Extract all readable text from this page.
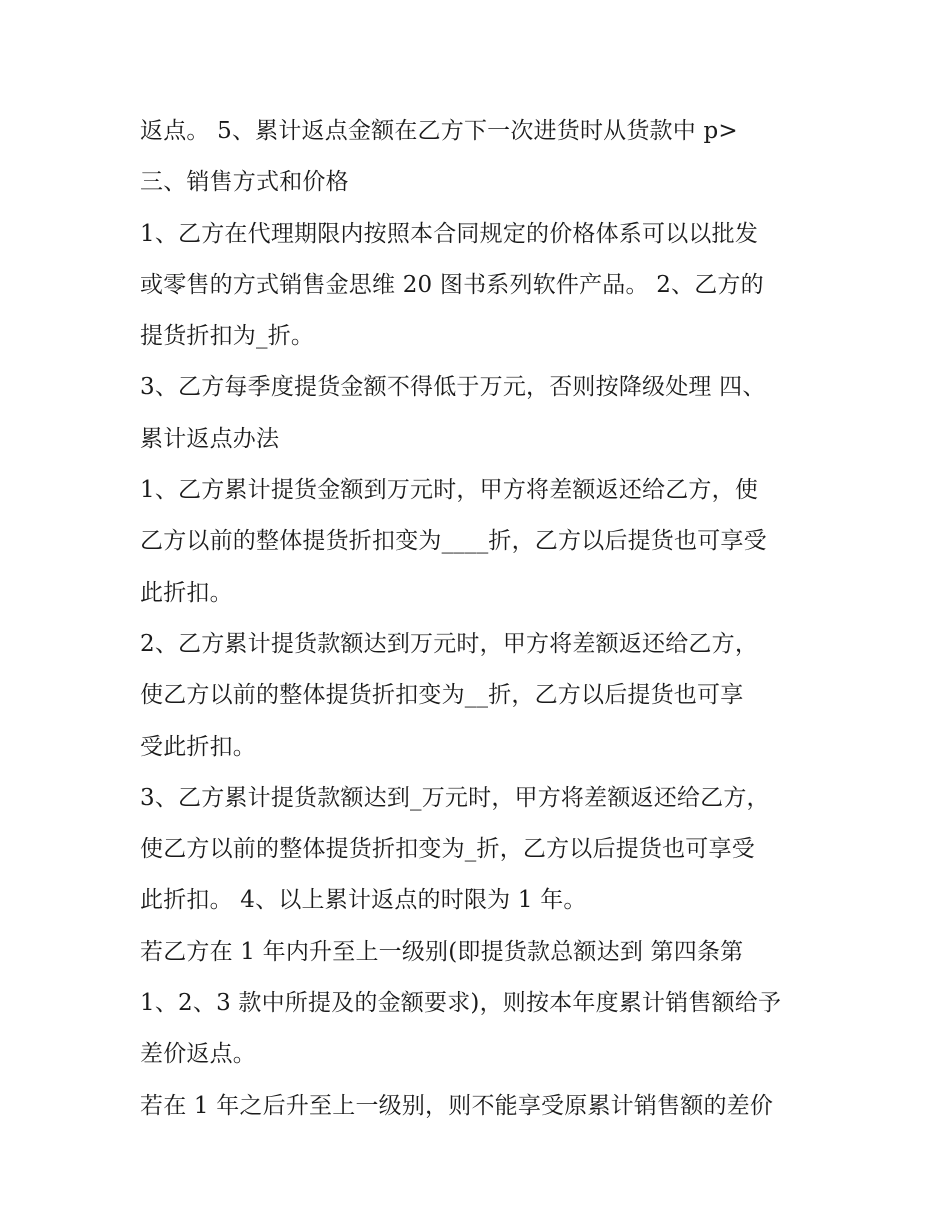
返点。 5、累计返点金额在乙方下一次进货时从货款中 p>
三、销售方式和价格
1、乙方在代理期限内按照本合同规定的价格体系可以以批发
或零售的方式销售金思维 20 图书系列软件产品。 2、乙方的
提货折扣为_折。
3、乙方每季度提货金额不得低于万元，否则按降级处理 四、
累计返点办法
1、乙方累计提货金额到万元时，甲方将差额返还给乙方，使
乙方以前的整体提货折扣变为____折，乙方以后提货也可享受
此折扣。
2、乙方累计提货款额达到万元时，甲方将差额返还给乙方，
使乙方以前的整体提货折扣变为__折，乙方以后提货也可享
受此折扣。
3、乙方累计提货款额达到_万元时，甲方将差额返还给乙方，
使乙方以前的整体提货折扣变为_折，乙方以后提货也可享受
此折扣。 4、以上累计返点的时限为 1 年。
若乙方在 1 年内升至上一级别(即提货款总额达到 第四条第
1、2、3 款中所提及的金额要求)，则按本年度累计销售额给予
差价返点。
若在 1 年之后升至上一级别，则不能享受原累计销售额的差价
